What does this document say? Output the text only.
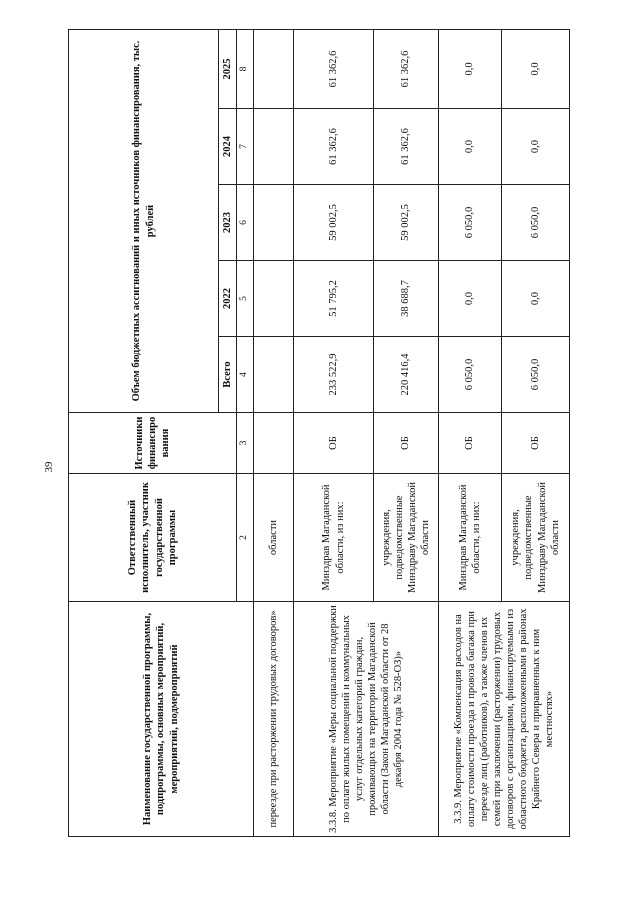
39
Наименование государственной программы, подпрограммы, основных мероприятий, мероприятий, подмероприятий	Ответственный исполнитель, участник государственной программы	Источники финансиро вания	Объем бюджетных ассигнований и иных источников финансирования, тыс. рублей				
			Всего	2022	2023	2024	2025
	2	3	4	5	6	7	8
переезде при расторжении трудовых договоров»	области						
3.3.8. Мероприятие «Меры социальной поддержки по оплате жилых помещений и коммунальных услуг отдельных категорий граждан, проживающих на территории Магаданской области (Закон Магаданской области от 28 декабря 2004 года № 528-ОЗ)»	Минздрав Магаданской области, из них:	ОБ	233 522,9	51 795,2	59 002,5	61 362,6	61 362,6
	учреждения, подведомственные Минздраву Магаданской области	ОБ	220 416,4	38 688,7	59 002,5	61 362,6	61 362,6
3.3.9. Мероприятие «Компенсация расходов на оплату стоимости проезда и провоза багажа при переезде лиц (работников), а также членов их семей при заключении (расторжении) трудовых договоров с организациями, финансируемыми из областного бюджета, расположенными в районах Крайнего Севера и приравненных к ним местностях»	Минздрав Магаданской области, из них:	ОБ	6 050,0	0,0	6 050,0	0,0	0,0
	учреждения, подведомственные Минздраву Магаданской области	ОБ	6 050,0	0,0	6 050,0	0,0	0,0
